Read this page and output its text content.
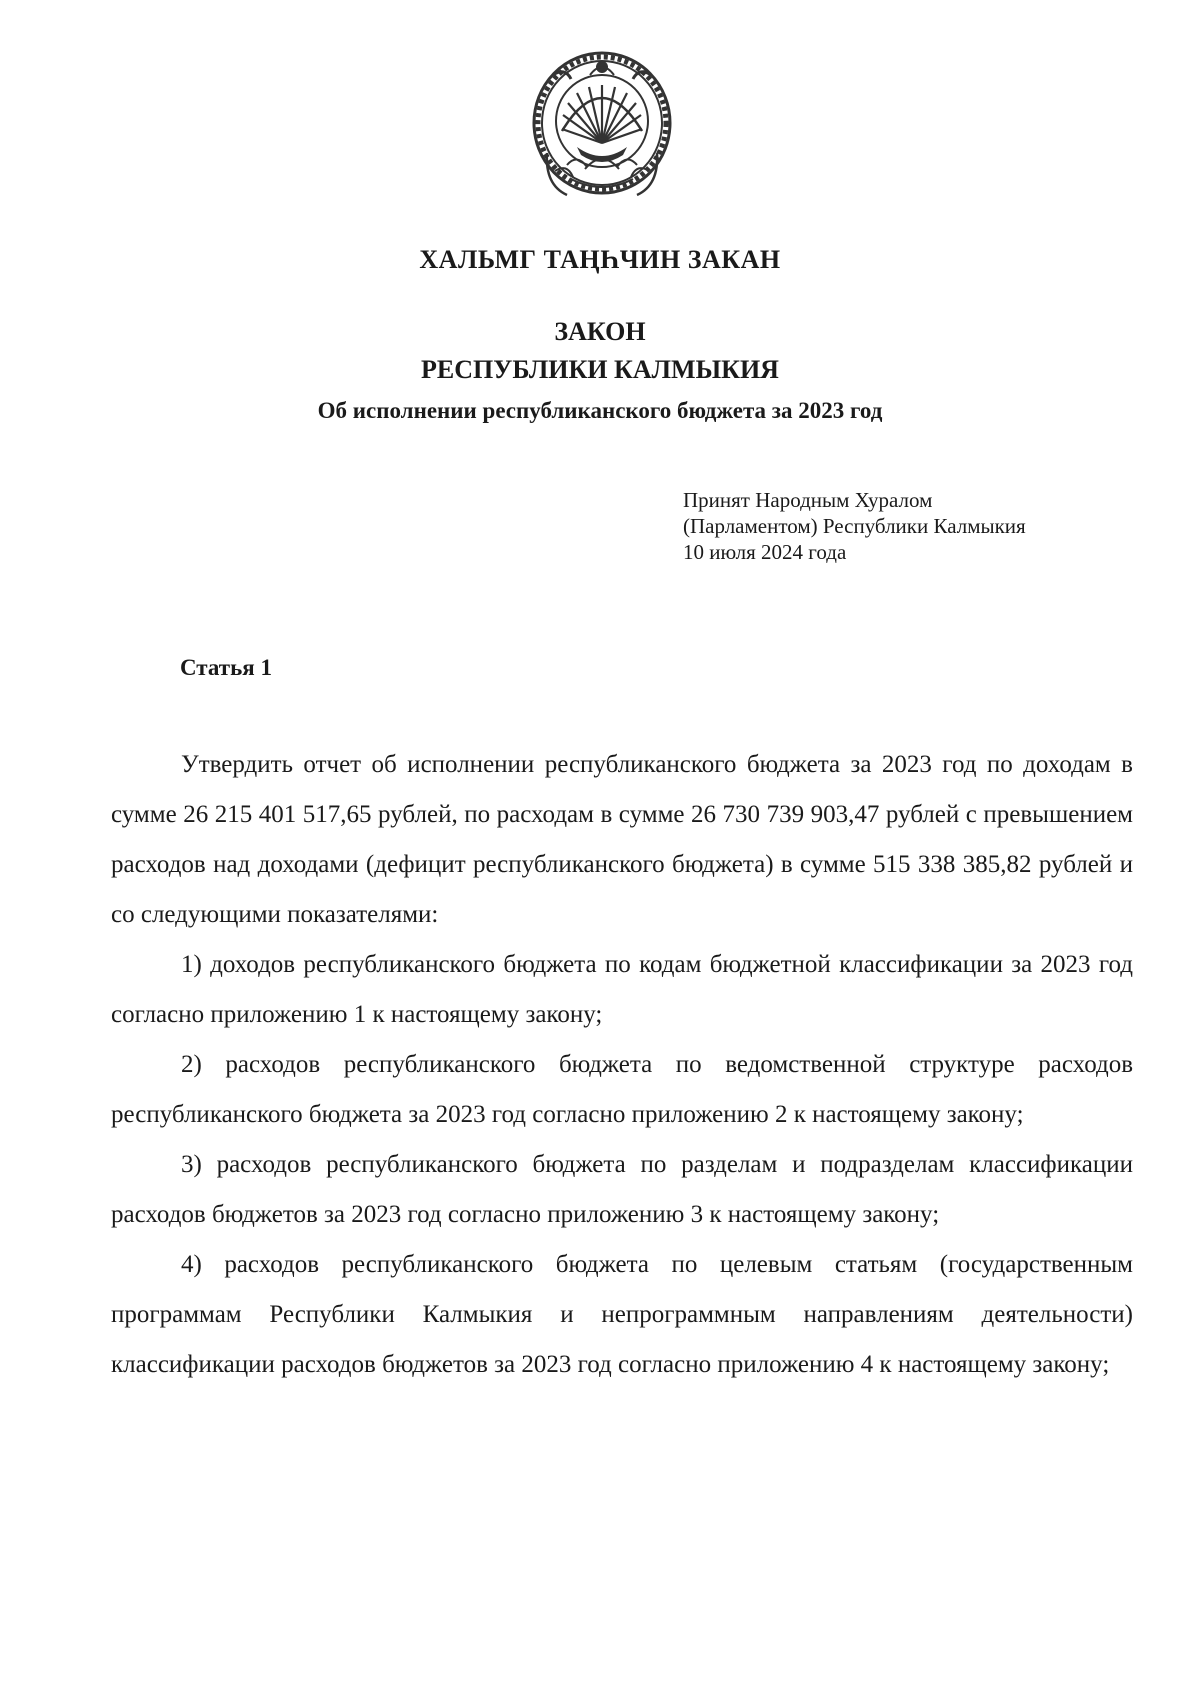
ХАЛЬМГ ТАҢҺЧИН ЗАКАН
ЗАКОН
РЕСПУБЛИКИ КАЛМЫКИЯ
Об исполнении республиканского бюджета за 2023 год
Принят Народным Хуралом
(Парламентом) Республики Калмыкия
10 июля 2024 года
Статья 1

Утвердить отчет об исполнении республиканского бюджета за 2023 год по доходам в сумме 26 215 401 517,65 рублей, по расходам в сумме 26 730 739 903,47 рублей с превышением расходов над доходами (дефицит республиканского бюджета) в сумме 515 338 385,82 рублей и со следующими показателями:

1) доходов республиканского бюджета по кодам бюджетной классификации за 2023 год согласно приложению 1 к настоящему закону;

2) расходов республиканского бюджета по ведомственной структуре расходов республиканского бюджета за 2023 год согласно приложению 2 к настоящему закону;

3) расходов республиканского бюджета по разделам и подразделам классификации расходов бюджетов за 2023 год согласно приложению 3 к настоящему закону;

4) расходов республиканского бюджета по целевым статьям (государственным программам Республики Калмыкия и непрограммным направлениям деятельности) классификации расходов бюджетов за 2023 год согласно приложению 4 к настоящему закону;
